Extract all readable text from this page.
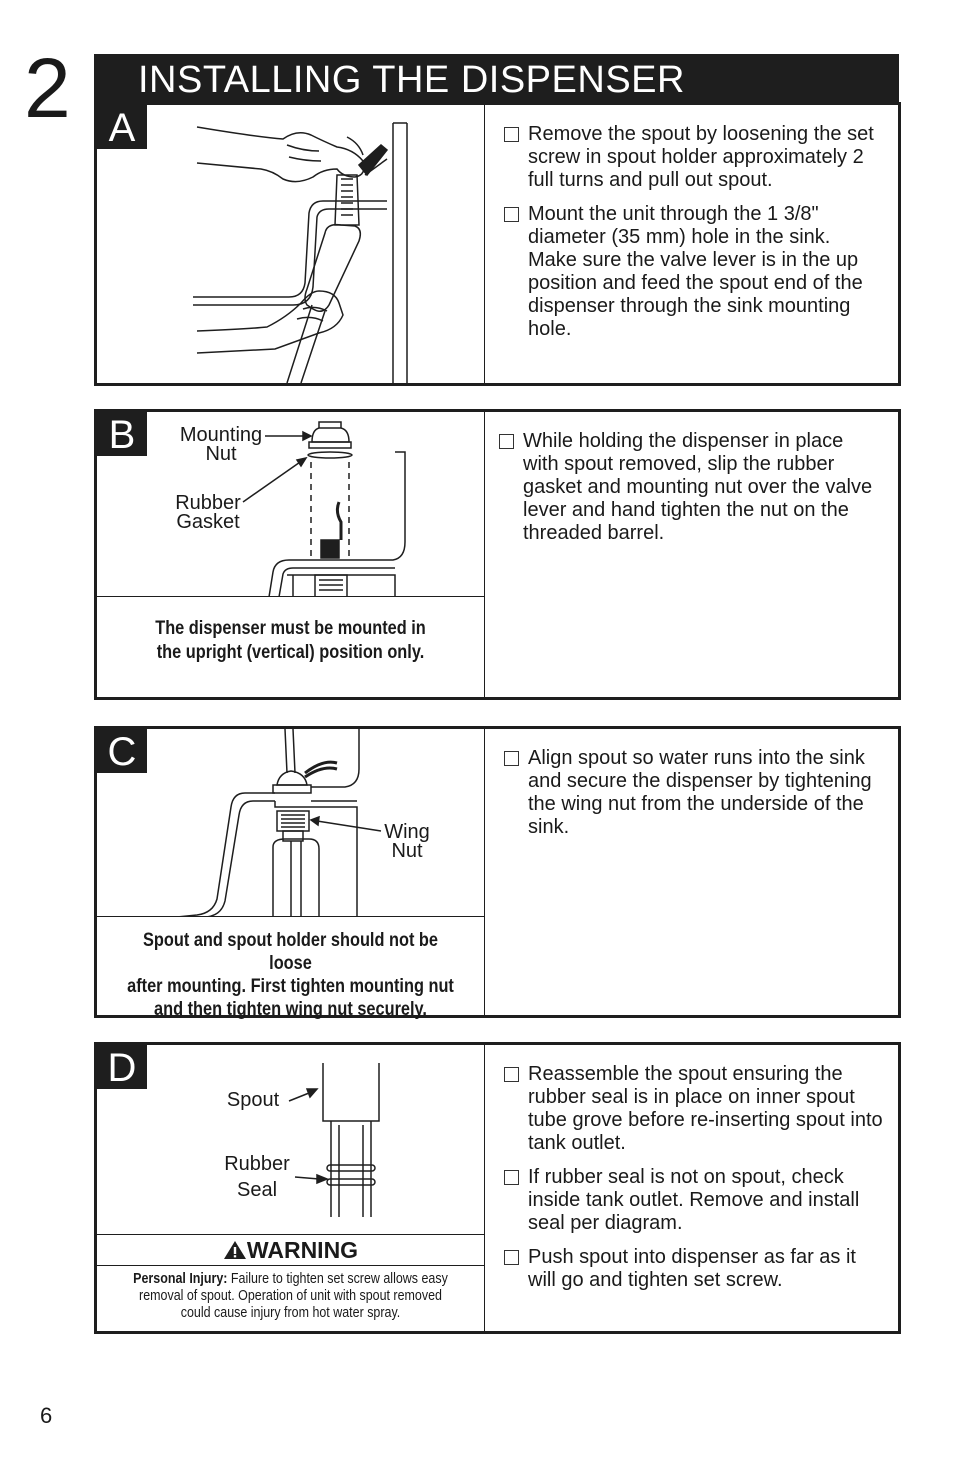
2 INSTALLING THE DISPENSER
A	Remove the spout by loosening the set screw in spout holder approximately 2 full turns and pull out spout.
Mount the unit through the 1 3/8" diameter (35 mm) hole in the sink. Make sure the valve lever is in the up position and feed the spout end of the dispenser through the sink mounting hole.
Mounting
Nut
Rubber
Gasket
B
The dispenser must be mounted in
the upright (vertical) position only.
While holding the dispenser in place with spout removed, slip the rubber gasket and mounting nut over the valve lever and hand tighten the nut on the threaded barrel.
Wing
Nut
C
Spout and spout holder should not be loose
after mounting. First tighten mounting nut
and then tighten wing nut securely.
Align spout so water runs into the sink and secure the dispenser by tightening the wing nut from the underside of the sink.
Spout
Rubber
Seal
D
WARNING
Personal Injury: Failure to tighten set screw allows easy
removal of spout. Operation of unit with spout removed
could cause injury from hot water spray.
Reassemble the spout ensuring the rubber seal is in place on inner spout tube grove before re-inserting spout into tank outlet.
If rubber seal is not on spout, check inside tank outlet. Remove and install seal per diagram.
Push spout into dispenser as far as it will go and tighten set screw.
6
